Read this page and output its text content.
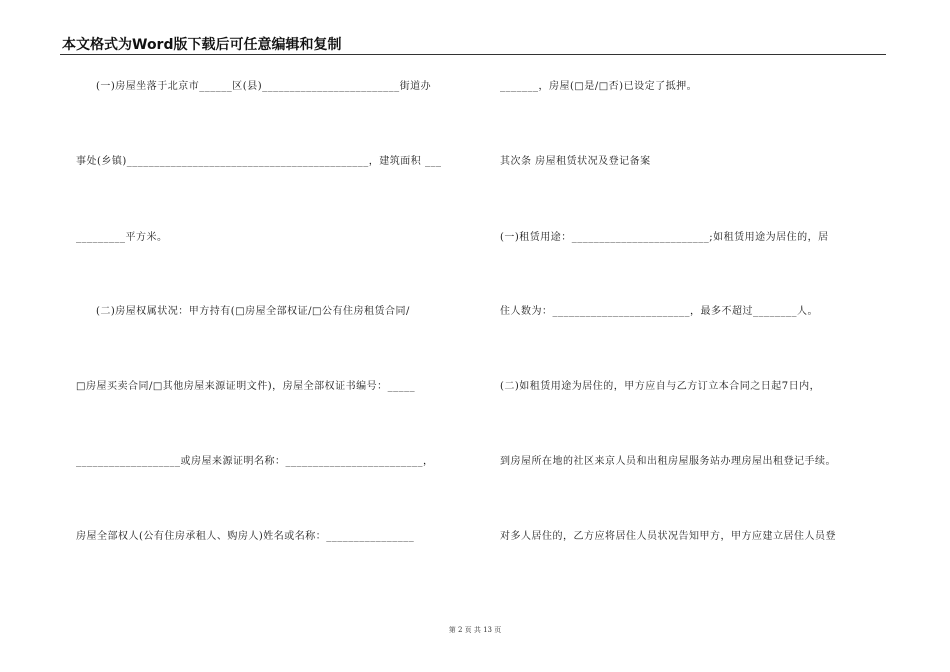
本文格式为Word版下载后可任意编辑和复制
(一)房屋坐落于北京市______区(县)_________________________街道办
事处(乡镇)____________________________________________，建筑面积 ___
_________平方米。
(二)房屋权属状况：甲方持有(□房屋全部权证/□公有住房租赁合同/
□房屋买卖合同/□其他房屋来源证明文件)，房屋全部权证书编号：_____
___________________或房屋来源证明名称：_________________________，
房屋全部权人(公有住房承租人、购房人)姓名或名称：________________
_______，房屋(□是/□否)已设定了抵押。
其次条 房屋租赁状况及登记备案
(一)租赁用途：_________________________;如租赁用途为居住的，居
住人数为：_________________________，最多不超过________人。
(二)如租赁用途为居住的，甲方应自与乙方订立本合同之日起7日内，
到房屋所在地的社区来京人员和出租房屋服务站办理房屋出租登记手续。
对多人居住的，乙方应将居住人员状况告知甲方，甲方应建立居住人员登
第 2 页 共 13 页
